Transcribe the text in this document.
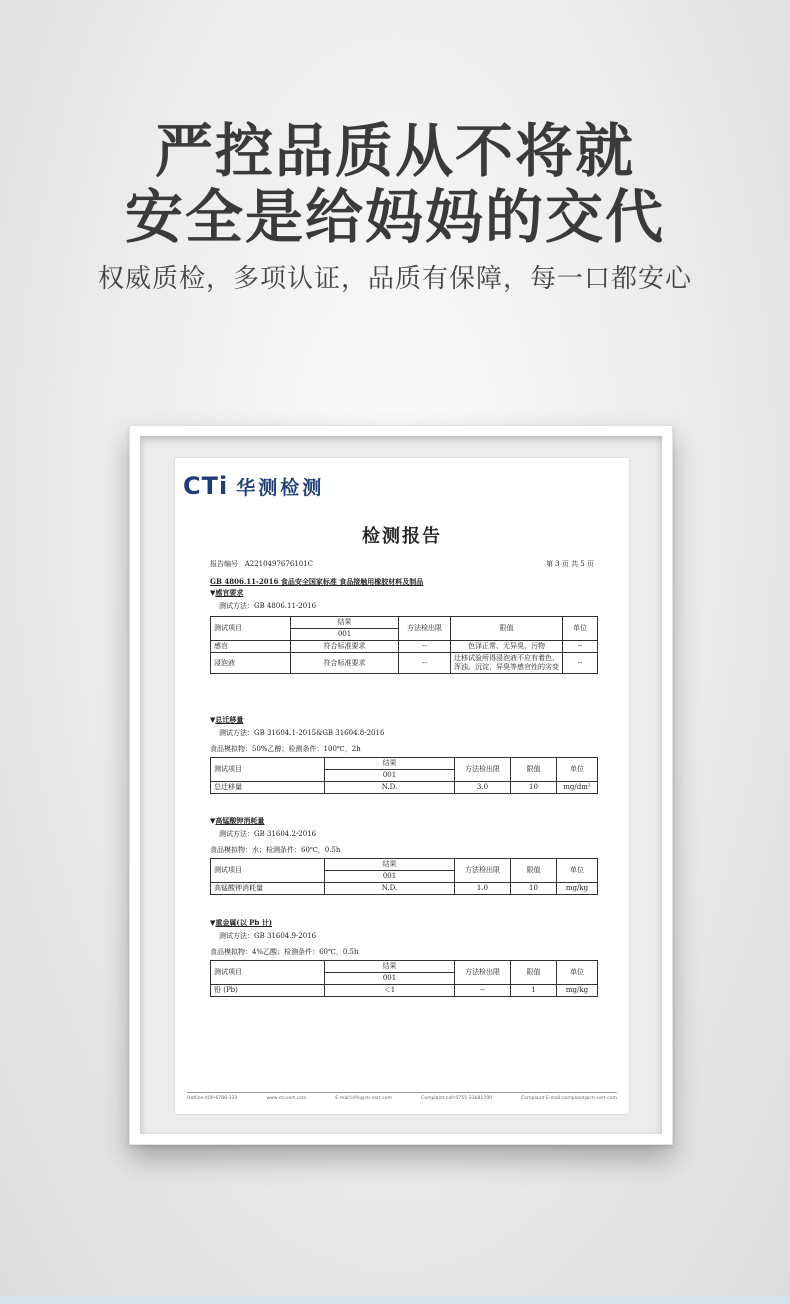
严控品质从不将就
安全是给妈妈的交代
权威质检，多项认证，品质有保障，每一口都安心
CTi 华测检测
检测报告
报告编号 A2210497676101C	第 3 页 共 5 页
GB 4806.11-2016 食品安全国家标准 食品接触用橡胶材料及制品
▼感官要求
测试方法：GB 4806.11-2016
测试项目	结果	方法检出限	限值	单位
	001			
感官	符合标准要求	--	色泽正常、无异臭、污物	--
浸泡液	符合标准要求	--	迁移试验所得浸泡液不应有着色、浑浊、沉淀、异臭等感官性的劣变	--
▼总迁移量
测试方法：GB 31604.1-2015&GB 31604.8-2016
食品模拟物：50%乙醇；检测条件：100℃，2h
测试项目	结果	方法检出限	限值	单位
	001			
总迁移量	N.D.	3.0	10	mg/dm²
▼高锰酸钾消耗量
测试方法：GB 31604.2-2016
食品模拟物：水；检测条件：60℃，0.5h
测试项目	结果	方法检出限	限值	单位
	001			
高锰酸钾消耗量	N.D.	1.0	10	mg/kg
▼重金属(以 Pb 计)
测试方法：GB 31604.9-2016
食品模拟物：4%乙酸；检测条件：60℃，0.5h
测试项目	结果	方法检出限	限值	单位
	001			
铅 (Pb)	＜1	--	1	mg/kg
Hotline:400-6788-333	www.cti-cert.com	E-mail:info@cti-cert.com	Complaint call:0755-33681700	Complaint E-mail:complaint@cti-cert.com
